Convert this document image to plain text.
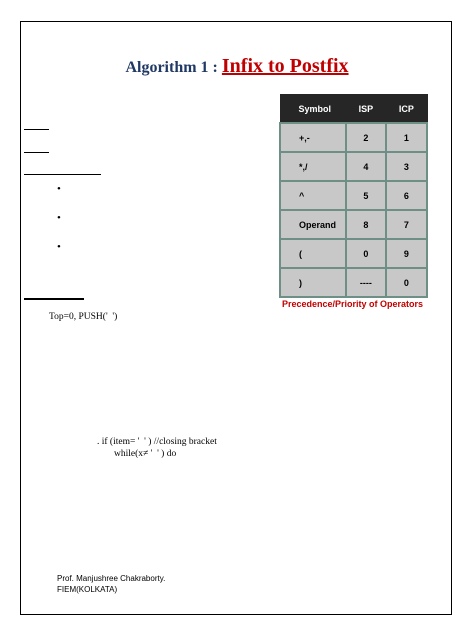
Algorithm 1 : Infix to Postfix
•
•
•
Top=0, PUSH('  ')
. if (item= '  ' ) //closing bracket
while(x≠ '  ' ) do
Symbol	ISP	ICP
+,-	2	1
*,/	4	3
^	5	6
Operand	8	7
(	0	9
)	----	0
Precedence/Priority of Operators
Prof. Manjushree Chakraborty.
FIEM(KOLKATA)
